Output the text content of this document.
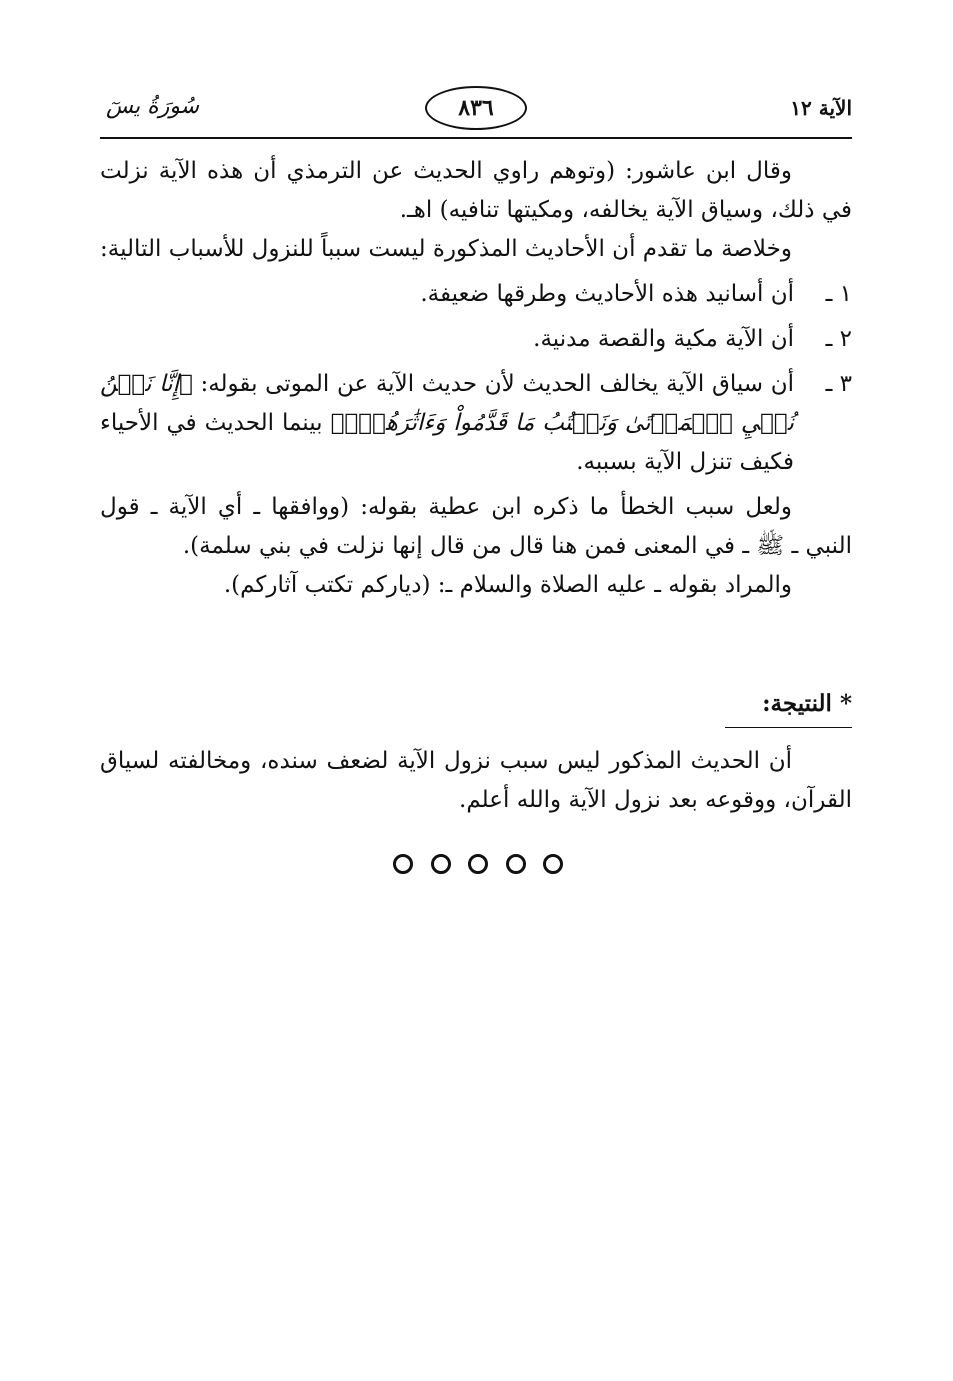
الآية ١٢
٨٣٦
سُورَةُ يسٓ

وقال ابن عاشور: (وتوهم راوي الحديث عن الترمذي أن هذه الآية نزلت في ذلك، وسياق الآية يخالفه، ومكيتها تنافيه) اهـ.

وخلاصة ما تقدم أن الأحاديث المذكورة ليست سبباً للنزول للأسباب التالية:

١ ـ
أن أسانيد هذه الأحاديث وطرقها ضعيفة.
٢ ـ
أن الآية مكية والقصة مدنية.
٣ ـ
أن سياق الآية يخالف الحديث لأن حديث الآية عن الموتى بقوله: ﴿إِنَّا نَحۡنُ نُحۡيِ ٱلۡمَوۡتَىٰ وَنَكۡتُبُ مَا قَدَّمُواْ وَءَاثَٰرَهُمۡۚ﴾ بينما الحديث في الأحياء فكيف تنزل الآية بسببه.

ولعل سبب الخطأ ما ذكره ابن عطية بقوله: (ووافقها ـ أي الآية ـ قول النبي ـ ﷺ ـ في المعنى فمن هنا قال من قال إنها نزلت في بني سلمة).

والمراد بقوله ـ عليه الصلاة والسلام ـ: (دياركم تكتب آثاركم).

* النتيجة:

أن الحديث المذكور ليس سبب نزول الآية لضعف سنده، ومخالفته لسياق القرآن، ووقوعه بعد نزول الآية والله أعلم.
